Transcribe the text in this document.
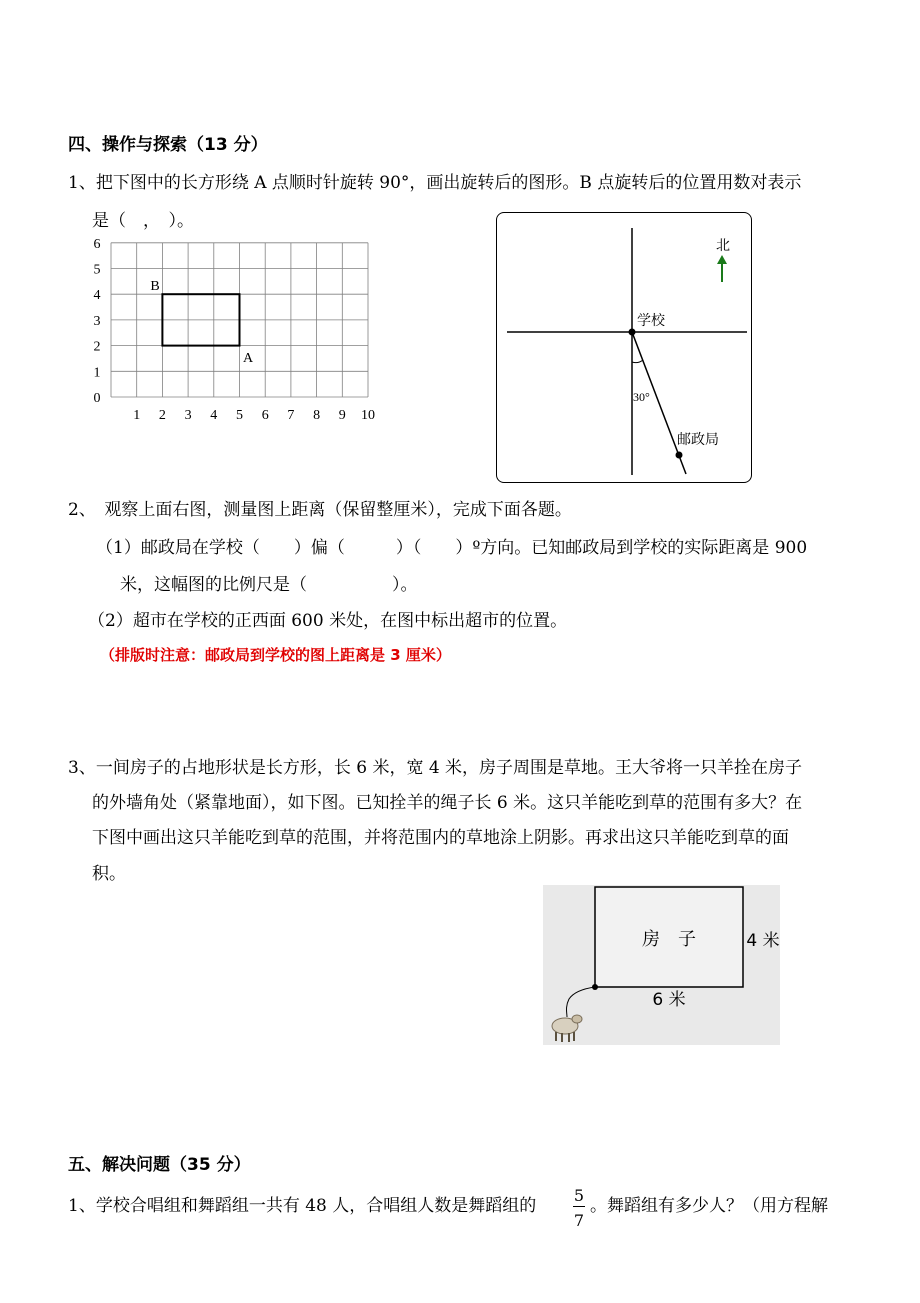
四、操作与探索（13 分）
1、把下图中的长方形绕 A 点顺时针旋转 90°，画出旋转后的图形。B 点旋转后的位置用数对表示
是（　，　）。
1 2 3 4 5 6 7 8 9 10
0
1
2
3
4
5
6
B
A
北
学校
30°
邮政局
2、　观察上面右图，测量图上距离（保留整厘米），完成下面各题。
（1）邮政局在学校（　　）偏（　　　）（　　）º方向。已知邮政局到学校的实际距离是 900
米，这幅图的比例尺是（　　　　　）。
（2）超市在学校的正西面 600 米处，在图中标出超市的位置。
（排版时注意：邮政局到学校的图上距离是 3 厘米）
3、一间房子的占地形状是长方形，长 6 米，宽 4 米，房子周围是草地。王大爷将一只羊拴在房子
的外墙角处（紧靠地面），如下图。已知拴羊的绳子长 6 米。这只羊能吃到草的范围有多大？在
下图中画出这只羊能吃到草的范围，并将范围内的草地涂上阴影。再求出这只羊能吃到草的面
积。
房　子	4 米
6 米
五、解决问题（35 分）
1、学校合唱组和舞蹈组一共有 48 人，合唱组人数是舞蹈组的
5
7
。舞蹈组有多少人？（用方程解
